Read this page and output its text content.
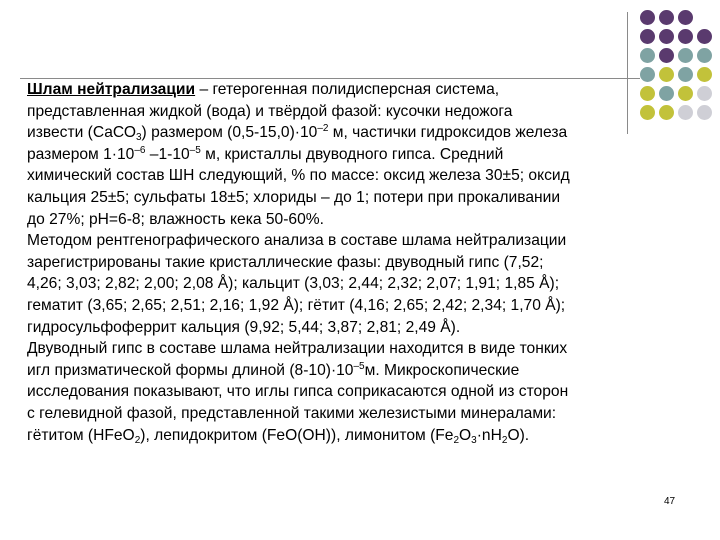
Шлам нейтрализации – гетерогенная полидисперсная система,
представленная жидкой (вода) и твёрдой фазой: кусочки недожога
извести (СаСО$_3$) размером $(0,5-15,0)\cdot 10^{-2}$ м, частички гидроксидов железа
размером $1\cdot 10^{-6}$ $-1-10^{-5}$ м, кристаллы двуводного гипса. Средний
химический состав ШН следующий, % по массе: оксид железа 30±5; оксид
кальция 25±5; сульфаты 18±5; хлориды – до 1; потери при прокаливании
до 27%; рН=6-8; влажность кека 50-60%.
Методом рентгенографического анализа в составе шлама нейтрализации
зарегистрированы такие кристаллические фазы: двуводный гипс (7,52;
4,26; 3,03; 2,82; 2,00; 2,08 Å); кальцит (3,03; 2,44; 2,32; 2,07; 1,91; 1,85 Å);
гематит (3,65; 2,65; 2,51; 2,16; 1,92 Å); гётит (4,16; 2,65; 2,42; 2,34; 1,70 Å);
гидросульфоферрит кальция (9,92; 5,44; 3,87; 2,81; 2,49 Å).
Двуводный гипс в составе шлама нейтрализации находится в виде тонких
игл призматической формы длиной $(8-10)\cdot 10^{-5}м$. Микроскопические
исследования показывают, что иглы гипса соприкасаются одной из сторон
с гелевидной фазой, представленной такими железистыми минералами:
гётитом (НFeO$_2$), лепидокритом (FeO(OH)), лимонитом $(Fe_2O_3\cdot nH_2O)$.
47
